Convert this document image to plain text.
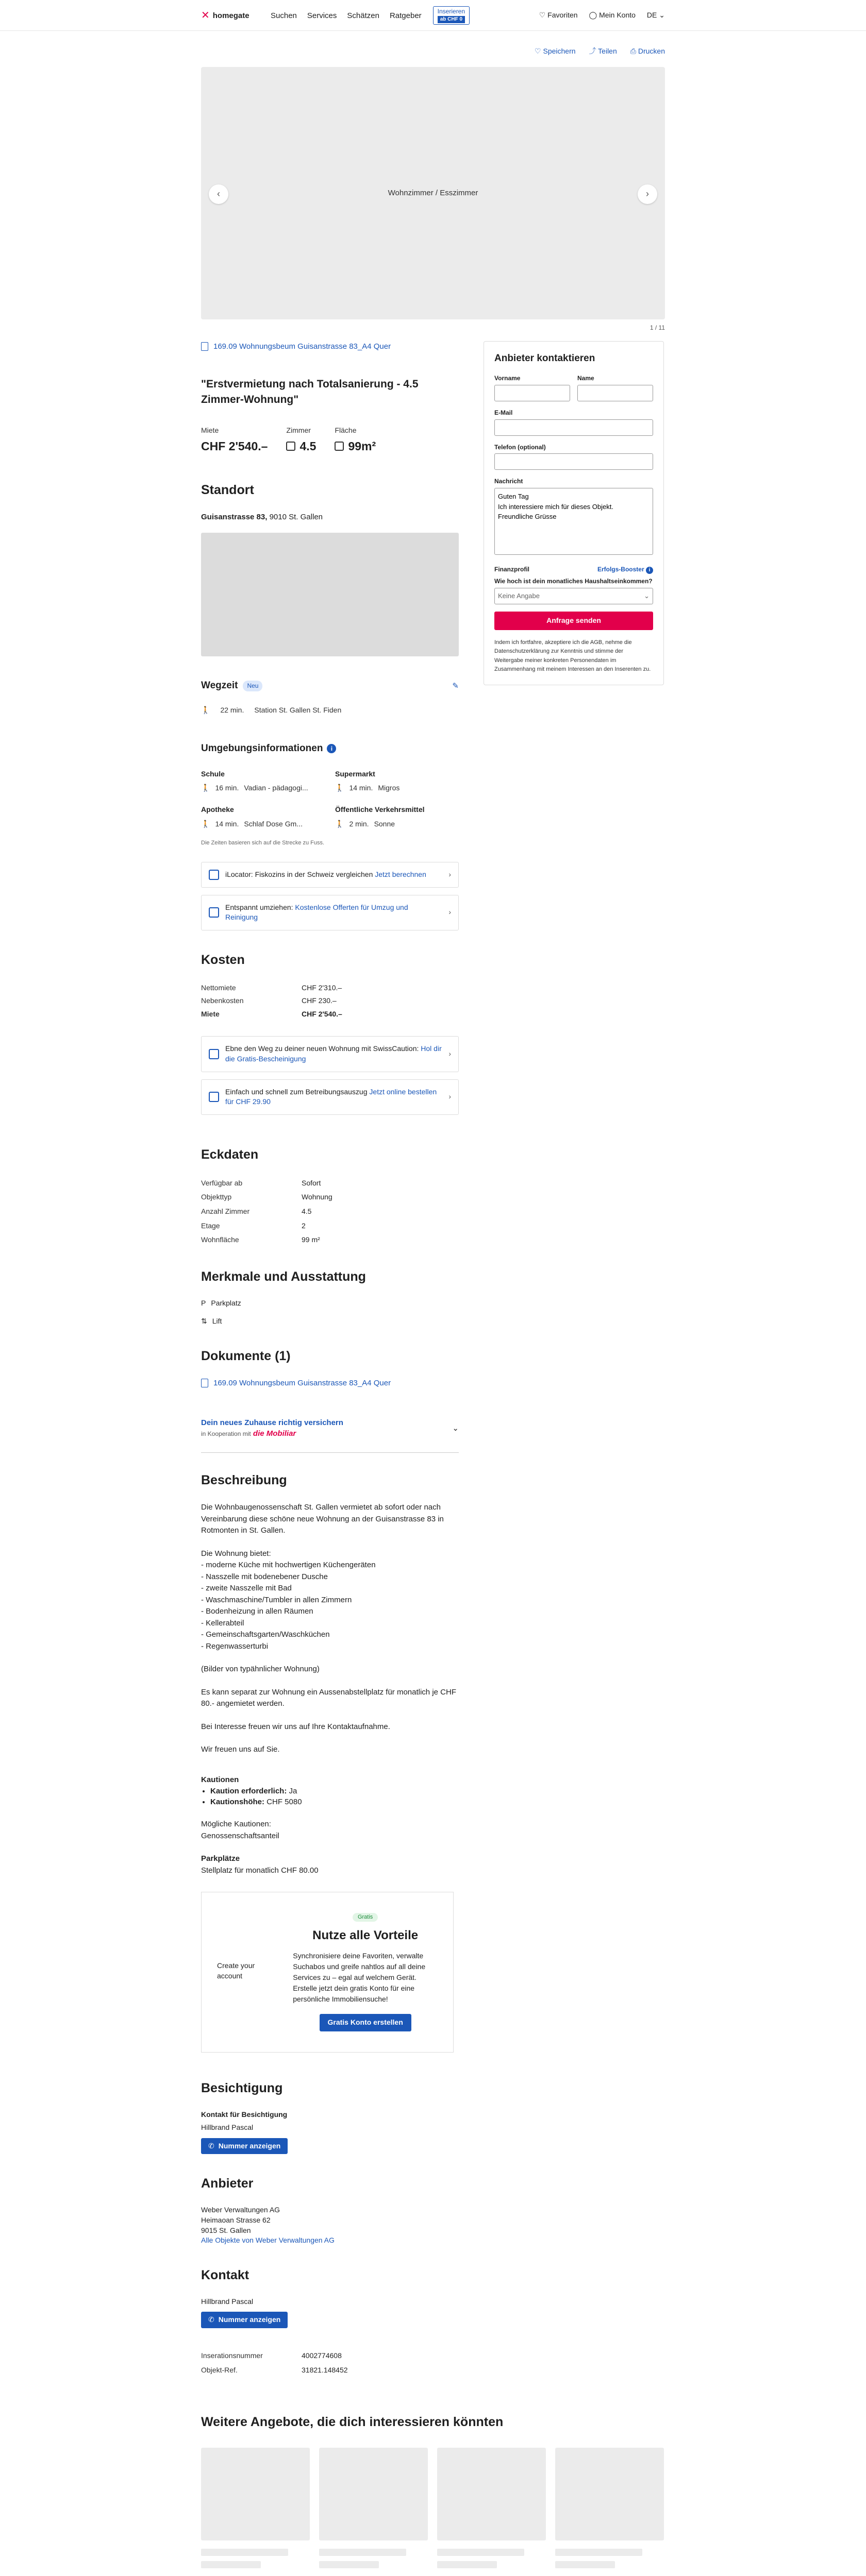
✕ homegate	Suchen Services Schätzen Ratgeber	Inserieren
ab CHF 0
♡ Favoriten ◯ Mein Konto DE ⌄
♡ Speichern ⤴ Teilen ⎙ Drucken
‹	Wohnzimmer / Esszimmer	›
1 / 11
169.09 Wohnungsbeum Guisanstrasse 83_A4 Quer
"Erstvermietung nach Totalsanierung - 4.5 Zimmer-Wohnung"
Miete
CHF 2'540.–
Zimmer
4.5
Fläche
99m²
Standort
Guisanstrasse 83, 9010 St. Gallen
Wegzeit	Neu	✎
🚶 22 min. Station St. Gallen St. Fiden
Umgebungsinformationen	i
Schule

🚶 16 min. Vadian - pädagogi...

Supermarkt

🚶 14 min. Migros

Apotheke

🚶 14 min. Schlaf Dose Gm...

Öffentliche Verkehrsmittel

🚶 2 min. Sonne

Die Zeiten basieren sich auf die Strecke zu Fuss.
iLocator: Fiskozins in der Schweiz vergleichen Jetzt berechnen	›
Entspannt umziehen: Kostenlose Offerten für Umzug und Reinigung
›
Kosten
Nettomiete	CHF 2'310.–
Nebenkosten	CHF 230.–
Miete	CHF 2'540.–
Ebne den Weg zu deiner neuen Wohnung mit SwissCaution: Hol dir die Gratis-Bescheinigung
›
Einfach und schnell zum Betreibungsauszug Jetzt online bestellen für CHF 29.90
›
Eckdaten
Verfügbar ab	Sofort
Objekttyp	Wohnung
Anzahl Zimmer	4.5
Etage	2
Wohnfläche	99 m²
Merkmale und Ausstattung
P Parkplatz
⇅ Lift
Dokumente (1)
169.09 Wohnungsbeum Guisanstrasse 83_A4 Quer
Dein neues Zuhause richtig versichern
in Kooperation mit die Mobiliar
⌄
Beschreibung

Die Wohnbaugenossenschaft St. Gallen vermietet ab sofort oder nach Vereinbarung diese schöne neue Wohnung an der Guisanstrasse 83 in Rotmonten in St. Gallen.

Die Wohnung bietet:

- moderne Küche mit hochwertigen Küchengeräten
- Nasszelle mit bodenebener Dusche
- zweite Nasszelle mit Bad
- Waschmaschine/Tumbler in allen Zimmern
- Bodenheizung in allen Räumen
- Kellerabteil
- Gemeinschaftsgarten/Waschküchen
- Regenwasserturbi

(Bilder von typähnlicher Wohnung)

Es kann separat zur Wohnung ein Aussenabstellplatz für monatlich je CHF 80.- angemietet werden.

Bei Interesse freuen wir uns auf Ihre Kontaktaufnahme.

Wir freuen uns auf Sie.

Kautionen

• Kaution erforderlich: Ja
• Kautionshöhe: CHF 5080

Mögliche Kautionen:

Genossenschaftsanteil

Parkplätze

Stellplatz für monatlich CHF 80.00

Create your account
Gratis
Nutze alle Vorteile

Synchronisiere deine Favoriten, verwalte Suchabos und greife nahtlos auf all deine Services zu – egal auf welchem Gerät. Erstelle jetzt dein gratis Konto für eine persönliche Immobiliensuche!

Gratis Konto erstellen
Besichtigung
Kontakt für Besichtigung
Hillbrand Pascal
✆ Nummer anzeigen
Anbieter
Weber Verwaltungen AG
Heimaoan Strasse 62
9015 St. Gallen
Alle Objekte von Weber Verwaltungen AG
Kontakt
Hillbrand Pascal
✆ Nummer anzeigen
Inserationsnummer	4002774608
Objekt-Ref.	31821.148452
Anbieter kontaktieren
Vorname	Name
E-Mail
Telefon (optional)
Nachricht
Guten Tag Ich interessiere mich für dieses Objekt. Freundliche Grüsse
Finanzprofil	Erfolgs-Booster i
Wie hoch ist dein monatliches Haushaltseinkommen?
Keine Angabe	⌄
Anfrage senden
Indem ich fortfahre, akzeptiere ich die AGB, nehme die Datenschutzerklärung zur Kenntnis und stimme der Weitergabe meiner konkreten Personendaten im Zusammenhang mit meinem Interessen an den Inserenten zu.
Weitere Angebote, die dich interessieren könnten
